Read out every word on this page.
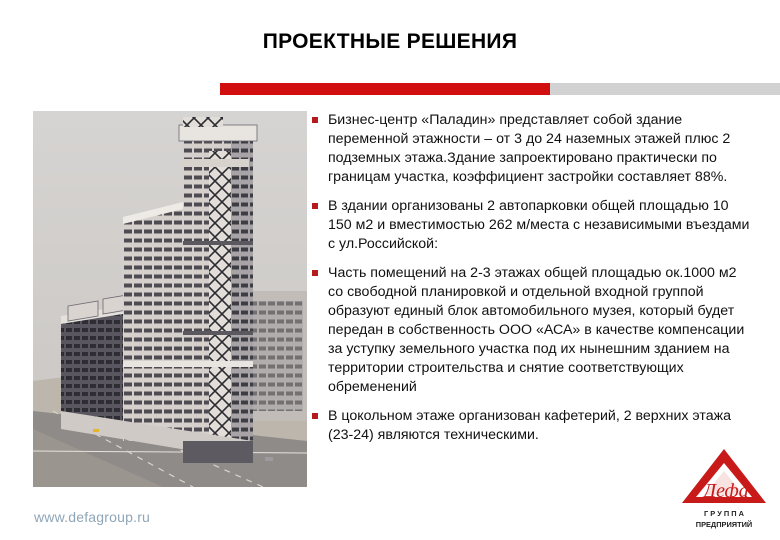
ПРОЕКТНЫЕ РЕШЕНИЯ
Бизнес-центр «Паладин» представляет собой здание переменной этажности – от 3 до 24 наземных этажей плюс 2 подземных этажа.Здание запроектировано практически по границам участка, коэффициент застройки составляет 88%.
В здании организованы 2 автопарковки общей площадью 10 150 м2 и вместимостью 262 м/места с независимыми въездами с ул.Российской:
Часть помещений на 2-3 этажах общей площадью ок.1000 м2 со свободной планировкой и отдельной входной группой образуют единый блок автомобильного музея, который будет передан в собственность ООО «АСА» в качестве компенсации за уступку земельного участка под их нынешним зданием на территории строительства и снятие соответствующих обременений
В цокольном этаже организован кафетерий, 2 верхних этажа (23-24) являются техническими.
www.defagroup.ru
Дефа
Г Р У П П А
ПРЕДПРИЯТИЙ
